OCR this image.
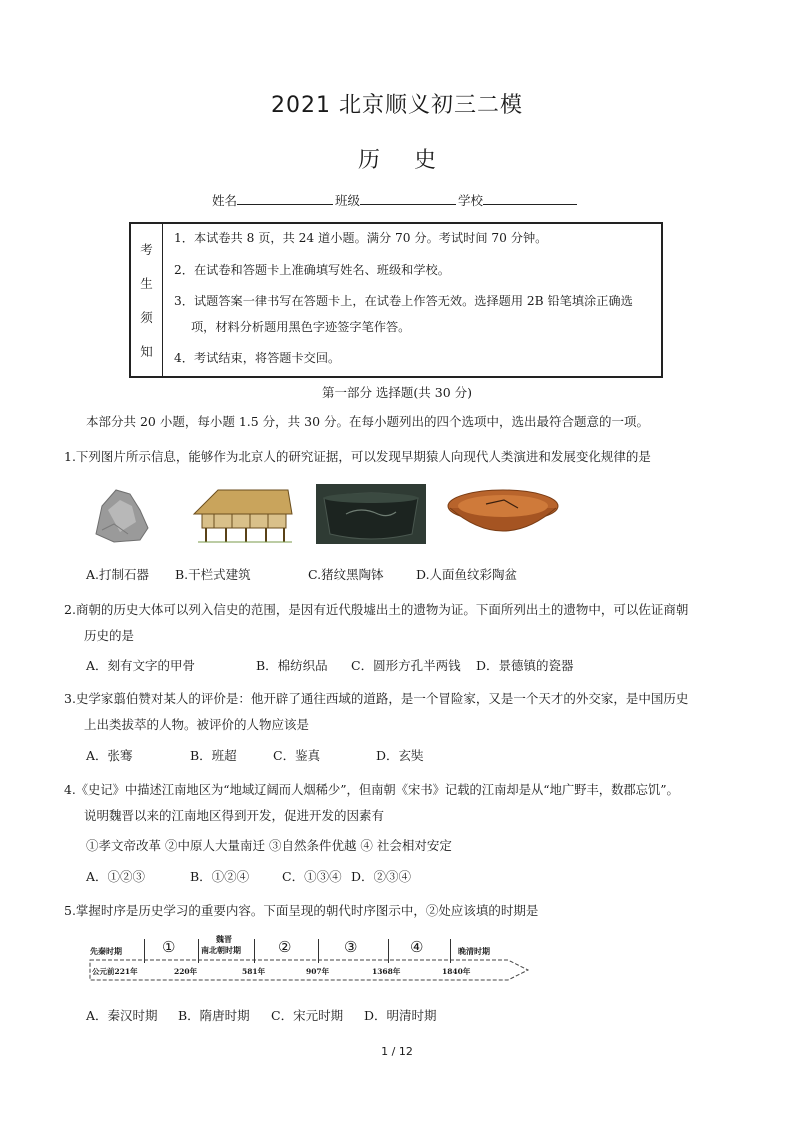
2021 北京顺义初三二模
历史
姓名	班级	学校
考
生
须
知
1．本试卷共 8 页，共 24 道小题。满分 70 分。考试时间 70 分钟。
2．在试卷和答题卡上准确填写姓名、班级和学校。
3．试题答案一律书写在答题卡上，在试卷上作答无效。选择题用 2B 铅笔填涂正确选
项，材料分析题用黑色字迹签字笔作答。
4．考试结束，将答题卡交回。
第一部分 选择题(共 30 分)
本部分共 20 小题，每小题 1.5 分，共 30 分。在每小题列出的四个选项中，选出最符合题意的一项。
1.下列图片所示信息，能够作为北京人的研究证据，可以发现早期猿人向现代人类演进和发展变化规律的是
A.打制石器 B.干栏式建筑	C.猪纹黑陶钵	D.人面鱼纹彩陶盆
2.商朝的历史大体可以列入信史的范围，是因有近代殷墟出土的遗物为证。下面所列出土的遗物中，可以佐证商朝
历史的是
A．刻有文字的甲骨	B．棉纺织品 C．圆形方孔半两钱 D．景德镇的瓷器
3.史学家翦伯赞对某人的评价是：他开辟了通往西域的道路，是一个冒险家，又是一个天才的外交家，是中国历史
上出类拔萃的人物。被评价的人物应该是
A．张骞	B．班超	C．鉴真	D．玄奘
4.《史记》中描述江南地区为“地域辽阔而人烟稀少”，但南朝《宋书》记载的江南却是从“地广野丰，数郡忘饥”。
说明魏晋以来的江南地区得到开发，促进开发的因素有
①孝文帝改革 ②中原人大量南迁 ③自然条件优越 ④ 社会相对安定
A．①②③	B．①②④	C．①③④ D．②③④
5.掌握时序是历史学习的重要内容。下面呈现的朝代时序图示中，②处应该填的时期是
先秦时期	①	魏晋
南北朝时期 ②	③	④	晚清时期
公元前221年	220年	581年	907年	1368年	1840年
A．秦汉时期 B．隋唐时期 C．宋元时期 D．明清时期
1 / 12
